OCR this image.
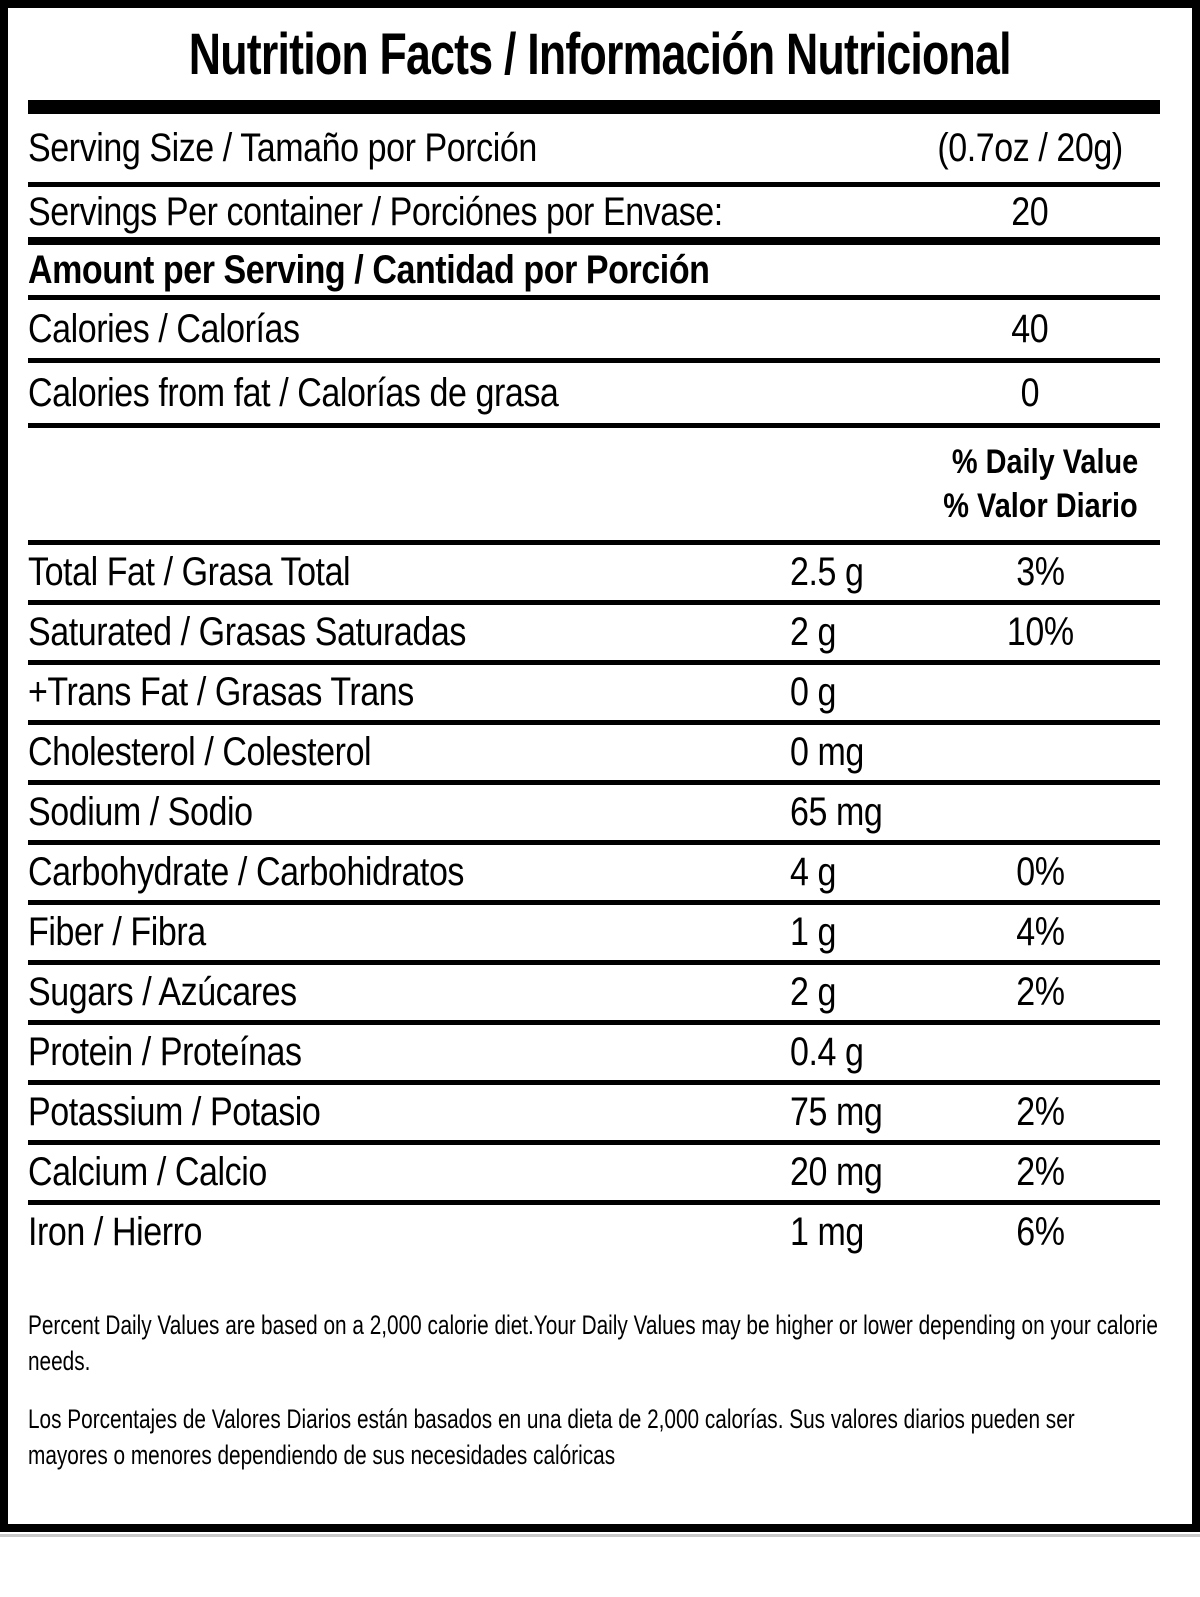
Nutrition Facts / Información Nutricional
Serving Size / Tamaño por Porción	(0.7oz / 20g)
Servings Per container / Porciónes por Envase:	20
Amount per Serving / Cantidad por Porción
Calories / Calorías	40
Calories from fat / Calorías de grasa	0
% Daily Value
% Valor Diario
Total Fat / Grasa Total	2.5 g	3%
Saturated / Grasas Saturadas	2 g	10%
+Trans Fat / Grasas Trans	0 g
Cholesterol / Colesterol	0 mg
Sodium / Sodio	65 mg
Carbohydrate / Carbohidratos	4 g	0%
Fiber / Fibra	1 g	4%
Sugars / Azúcares	2 g	2%
Protein / Proteínas	0.4 g
Potassium / Potasio	75 mg	2%
Calcium / Calcio	20 mg	2%
Iron / Hierro	1 mg	6%
Percent Daily Values are based on a 2,000 calorie diet.Your Daily Values may be higher or lower depending on your calorie needs.
Los Porcentajes de Valores Diarios están basados en una dieta de 2,000 calorías. Sus valores diarios pueden ser mayores o menores dependiendo de sus necesidades calóricas
